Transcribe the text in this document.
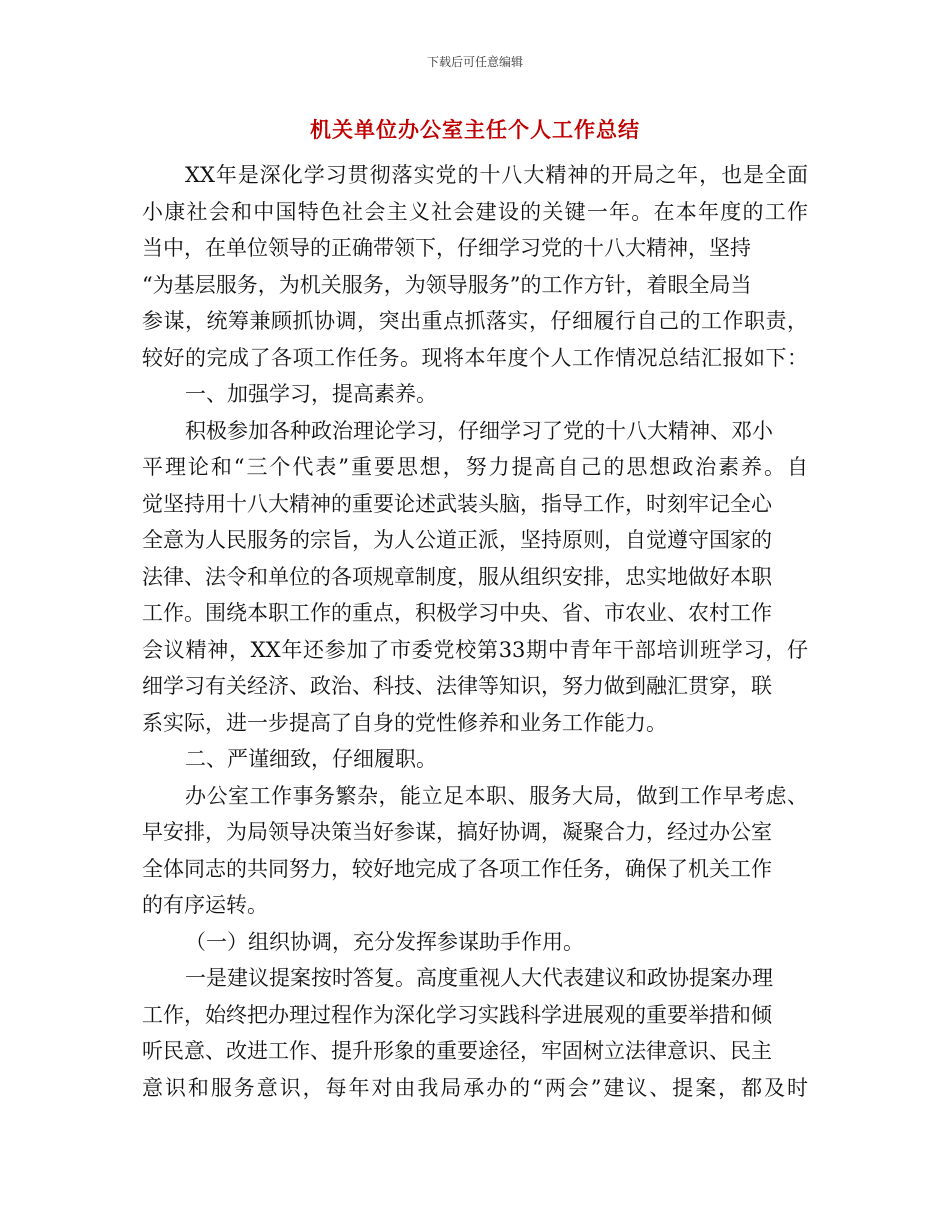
下载后可任意编辑
机关单位办公室主任个人工作总结
XX年是深化学习贯彻落实党的十八大精神的开局之年，也是全面
小康社会和中国特色社会主义社会建设的关键一年。在本年度的工作
当中，在单位领导的正确带领下，仔细学习党的十八大精神，坚持
“为基层服务，为机关服务，为领导服务”的工作方针，着眼全局当
参谋，统筹兼顾抓协调，突出重点抓落实，仔细履行自己的工作职责，
较好的完成了各项工作任务。现将本年度个人工作情况总结汇报如下：
一、加强学习，提高素养。
积极参加各种政治理论学习，仔细学习了党的十八大精神、邓小
平理论和“三个代表”重要思想，努力提高自己的思想政治素养。自
觉坚持用十八大精神的重要论述武装头脑，指导工作，时刻牢记全心
全意为人民服务的宗旨，为人公道正派，坚持原则，自觉遵守国家的
法律、法令和单位的各项规章制度，服从组织安排，忠实地做好本职
工作。围绕本职工作的重点，积极学习中央、省、市农业、农村工作
会议精神，XX年还参加了市委党校第33期中青年干部培训班学习，仔
细学习有关经济、政治、科技、法律等知识，努力做到融汇贯穿，联
系实际，进一步提高了自身的党性修养和业务工作能力。
二、严谨细致，仔细履职。
办公室工作事务繁杂，能立足本职、服务大局，做到工作早考虑、
早安排，为局领导决策当好参谋，搞好协调，凝聚合力，经过办公室
全体同志的共同努力，较好地完成了各项工作任务，确保了机关工作
的有序运转。
（一）组织协调，充分发挥参谋助手作用。
一是建议提案按时答复。高度重视人大代表建议和政协提案办理
工作，始终把办理过程作为深化学习实践科学进展观的重要举措和倾
听民意、改进工作、提升形象的重要途径，牢固树立法律意识、民主
意识和服务意识，每年对由我局承办的“两会”建议、提案，都及时
